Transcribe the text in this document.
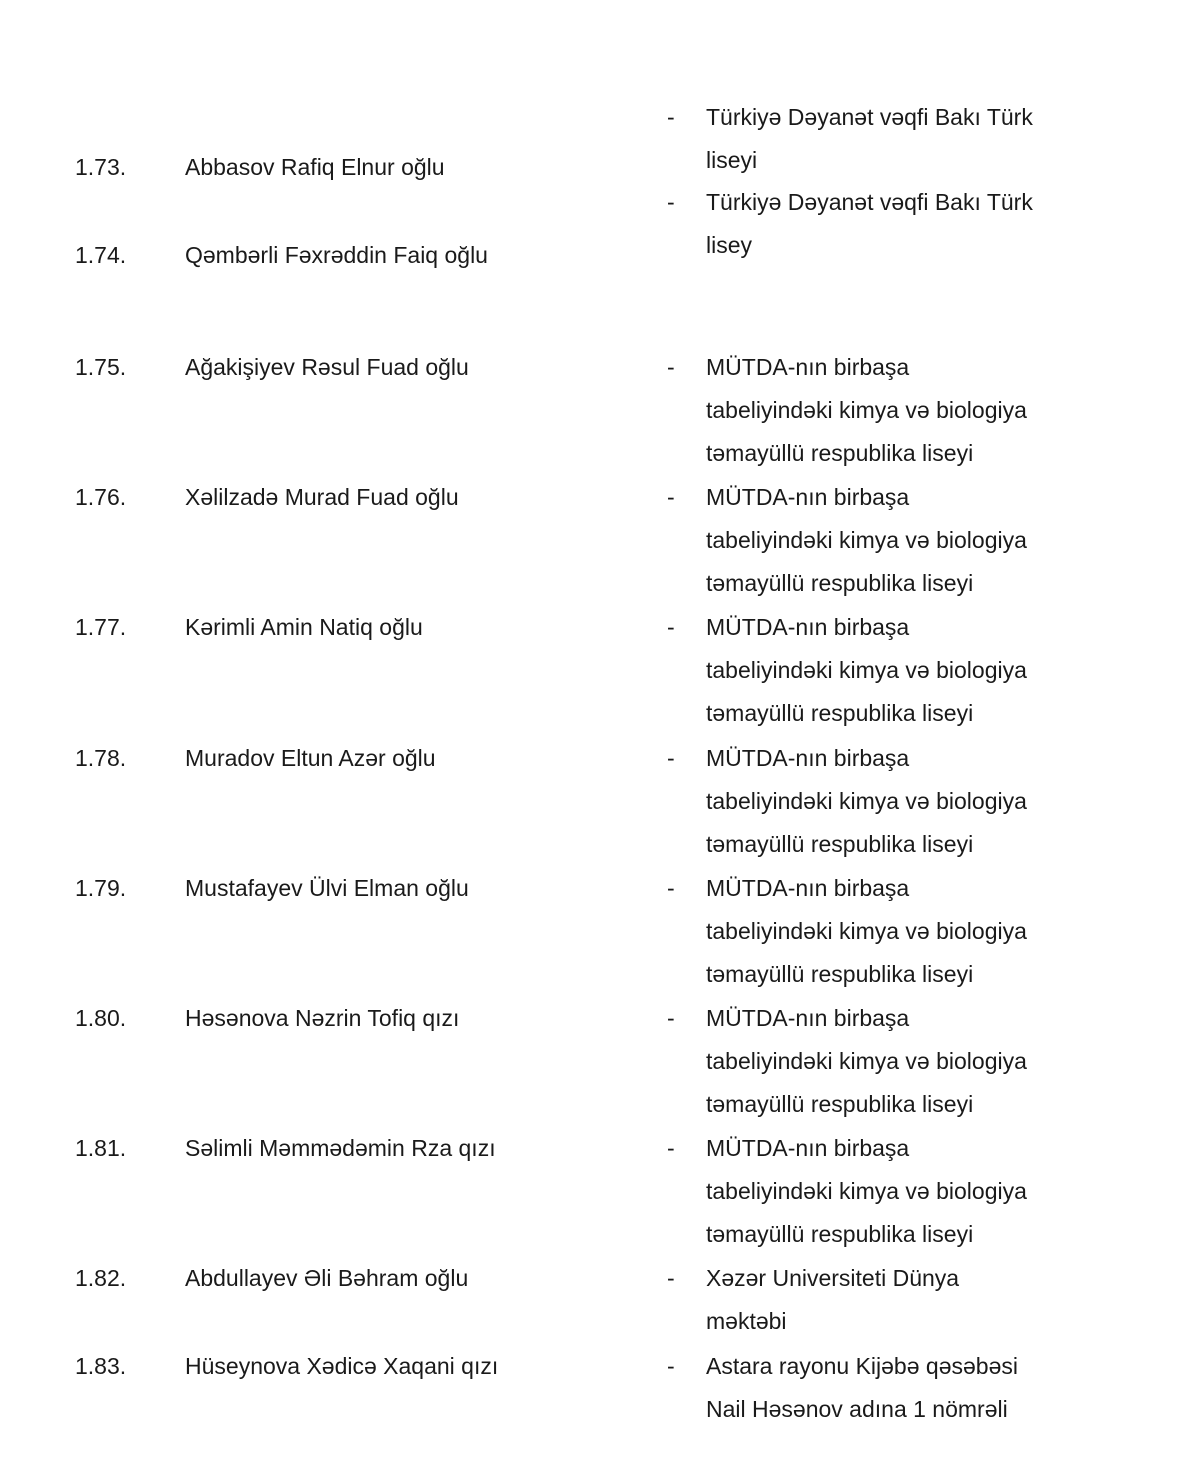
1.73.	Abbasov Rafiq Elnur oğlu
- Türkiyə Dəyanət vəqfi Bakı Türk
liseyi
1.74.	Qəmbərli Fəxrəddin Faiq oğlu
- Türkiyə Dəyanət vəqfi Bakı Türk
lisey
1.75.	Ağakişiyev Rəsul Fuad oğlu	- MÜTDA-nın birbaşa
tabeliyindəki kimya və biologiya
təmayüllü respublika liseyi
1.76.	Xəlilzadə Murad Fuad oğlu	- MÜTDA-nın birbaşa
tabeliyindəki kimya və biologiya
təmayüllü respublika liseyi
1.77.	Kərimli Amin Natiq oğlu	- MÜTDA-nın birbaşa
tabeliyindəki kimya və biologiya
təmayüllü respublika liseyi
1.78.	Muradov Eltun Azər oğlu	- MÜTDA-nın birbaşa
tabeliyindəki kimya və biologiya
təmayüllü respublika liseyi
1.79.	Mustafayev Ülvi Elman oğlu	- MÜTDA-nın birbaşa
tabeliyindəki kimya və biologiya
təmayüllü respublika liseyi
1.80.	Həsənova Nəzrin Tofiq qızı	- MÜTDA-nın birbaşa
tabeliyindəki kimya və biologiya
təmayüllü respublika liseyi
1.81.	Səlimli Məmmədəmin Rza qızı	- MÜTDA-nın birbaşa
tabeliyindəki kimya və biologiya
təmayüllü respublika liseyi
1.82.	Abdullayev Əli Bəhram oğlu	- Xəzər Universiteti Dünya
məktəbi
1.83.	Hüseynovа Xədicə Xaqani qızı	- Astara rayonu Kijəbə qəsəbəsi
Nail Həsənov adına 1 nömrəli
